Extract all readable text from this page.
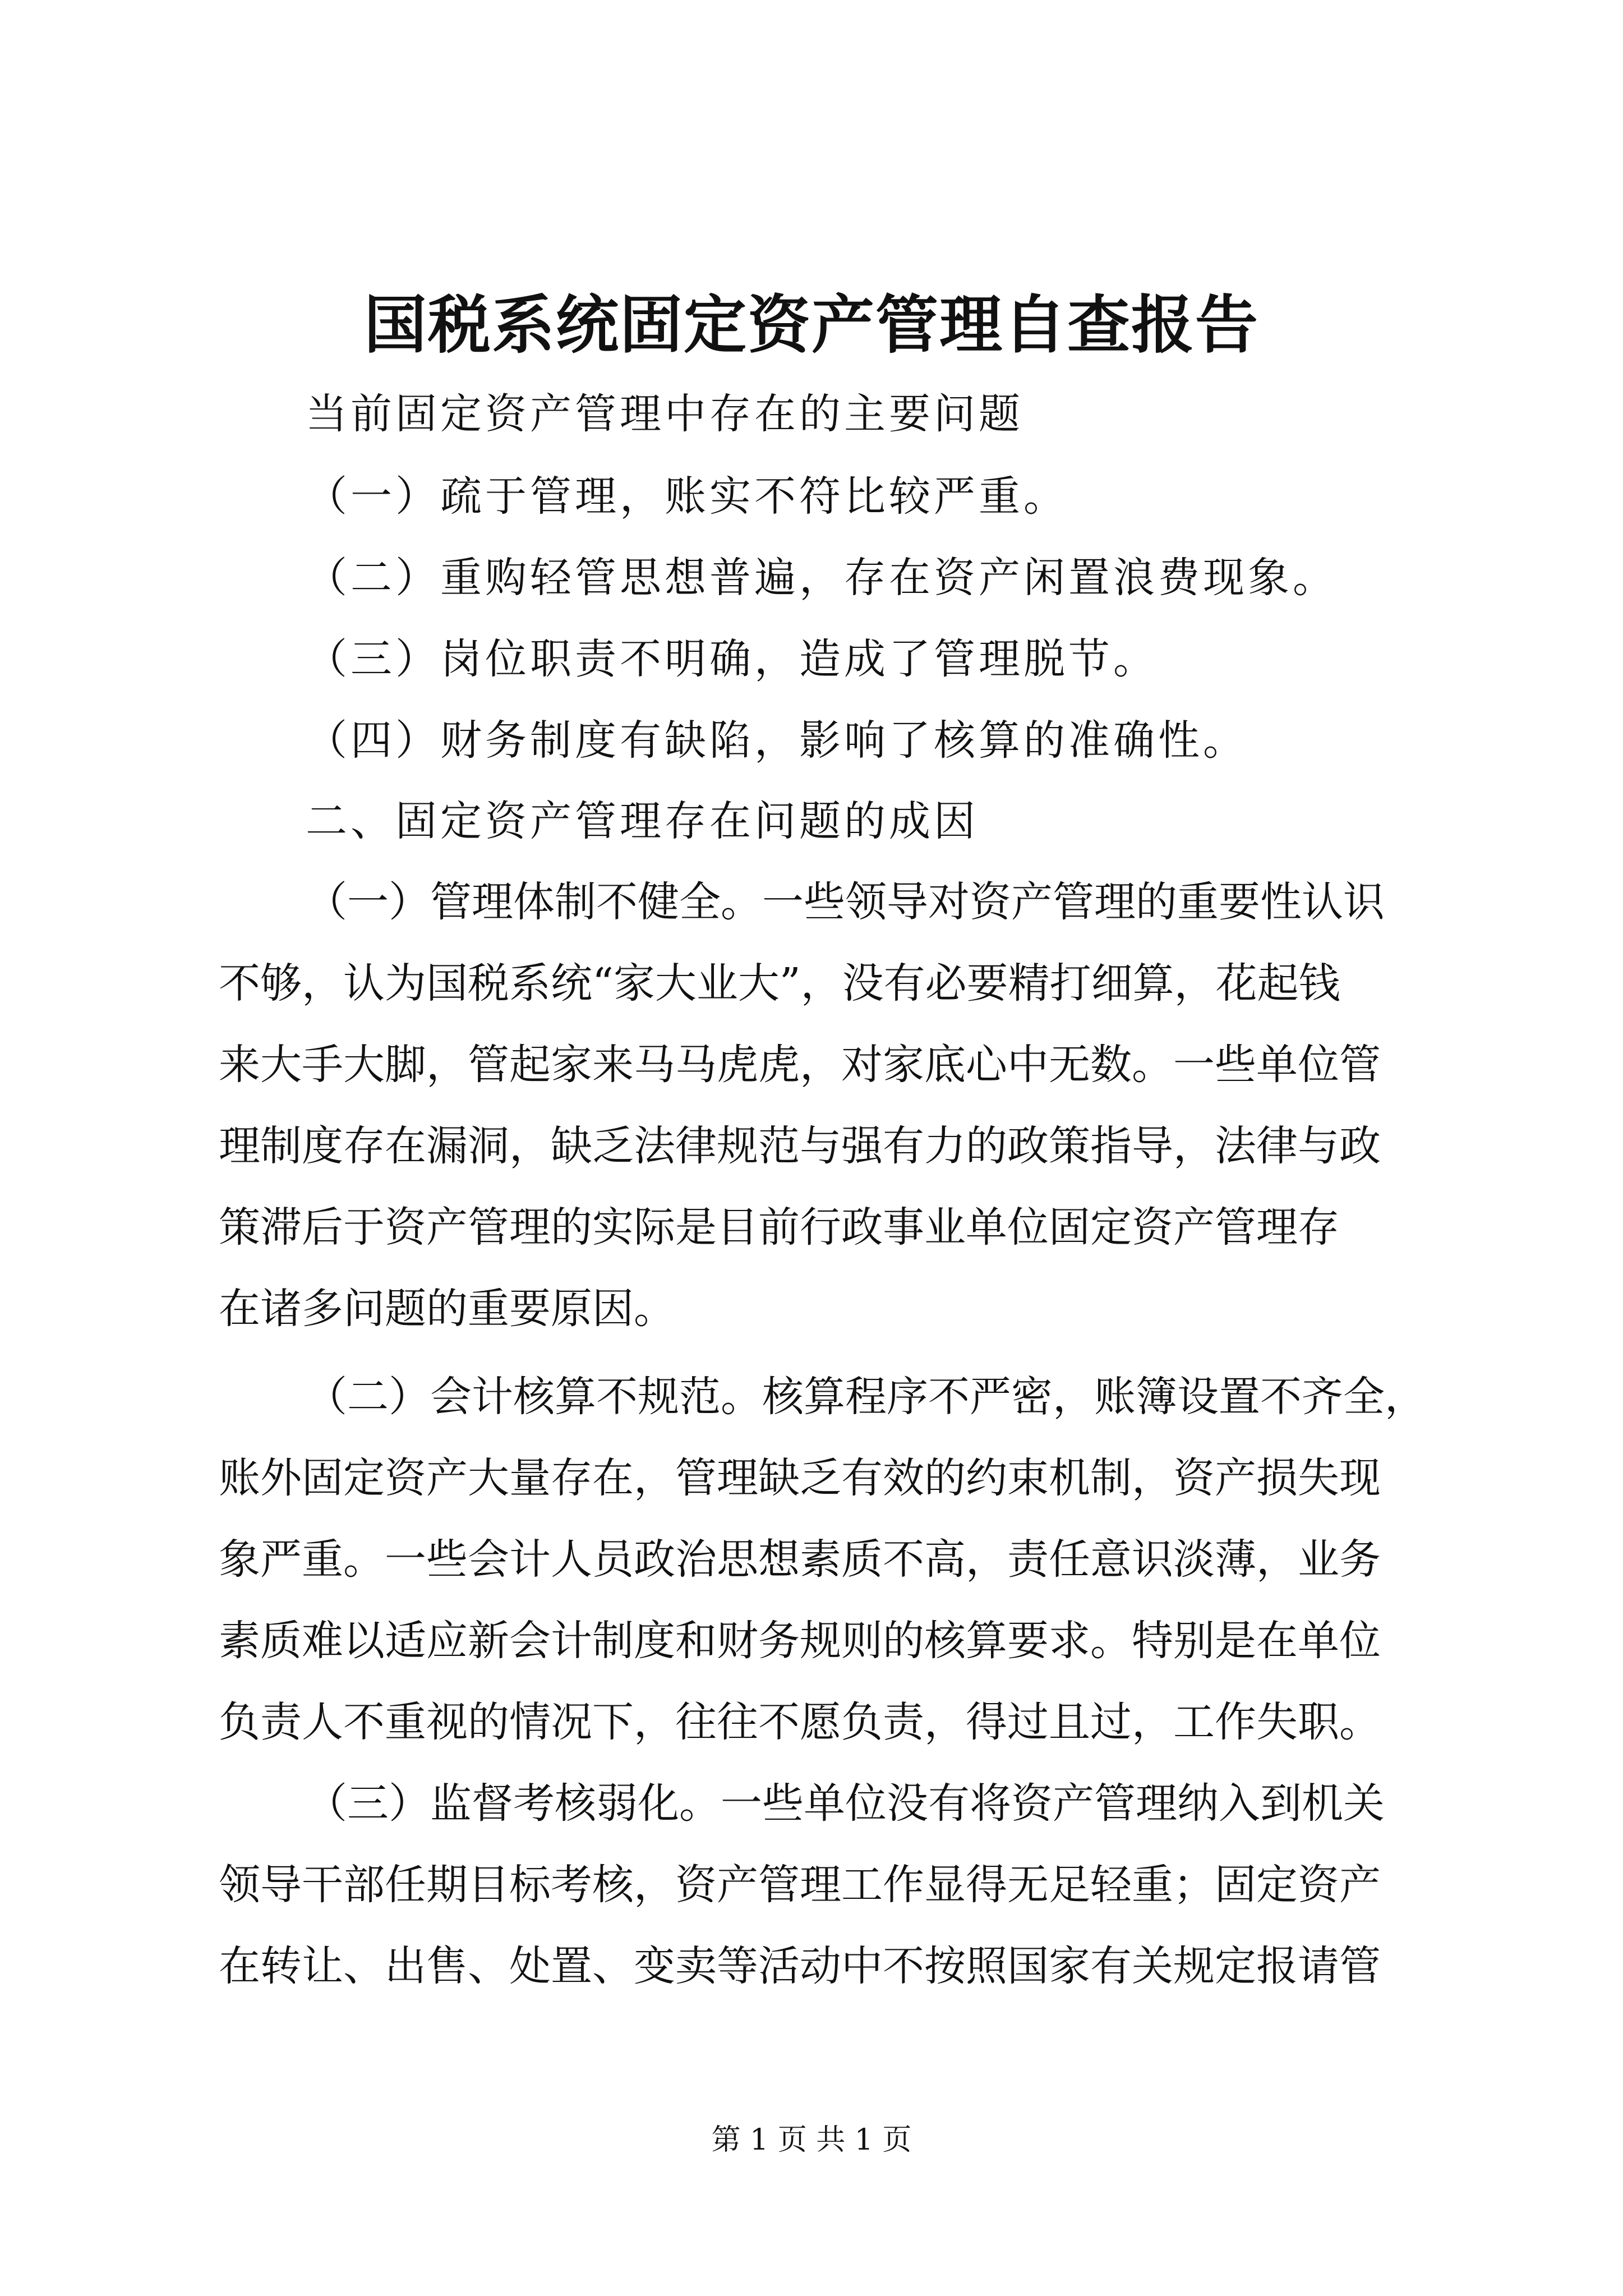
国税系统固定资产管理自查报告
当前固定资产管理中存在的主要问题
（一）疏于管理，账实不符比较严重。
（二）重购轻管思想普遍，存在资产闲置浪费现象。
（三）岗位职责不明确，造成了管理脱节。
（四）财务制度有缺陷，影响了核算的准确性。
二、固定资产管理存在问题的成因
（一）管理体制不健全。一些领导对资产管理的重要性认识
不够，认为国税系统“家大业大”，没有必要精打细算，花起钱
来大手大脚，管起家来马马虎虎，对家底心中无数。一些单位管
理制度存在漏洞，缺乏法律规范与强有力的政策指导，法律与政
策滞后于资产管理的实际是目前行政事业单位固定资产管理存
在诸多问题的重要原因。
（二）会计核算不规范。核算程序不严密，账簿设置不齐全，
账外固定资产大量存在，管理缺乏有效的约束机制，资产损失现
象严重。一些会计人员政治思想素质不高，责任意识淡薄，业务
素质难以适应新会计制度和财务规则的核算要求。特别是在单位
负责人不重视的情况下，往往不愿负责，得过且过，工作失职。
（三）监督考核弱化。一些单位没有将资产管理纳入到机关
领导干部任期目标考核，资产管理工作显得无足轻重；固定资产
在转让、出售、处置、变卖等活动中不按照国家有关规定报请管
第 1 页 共 1 页
